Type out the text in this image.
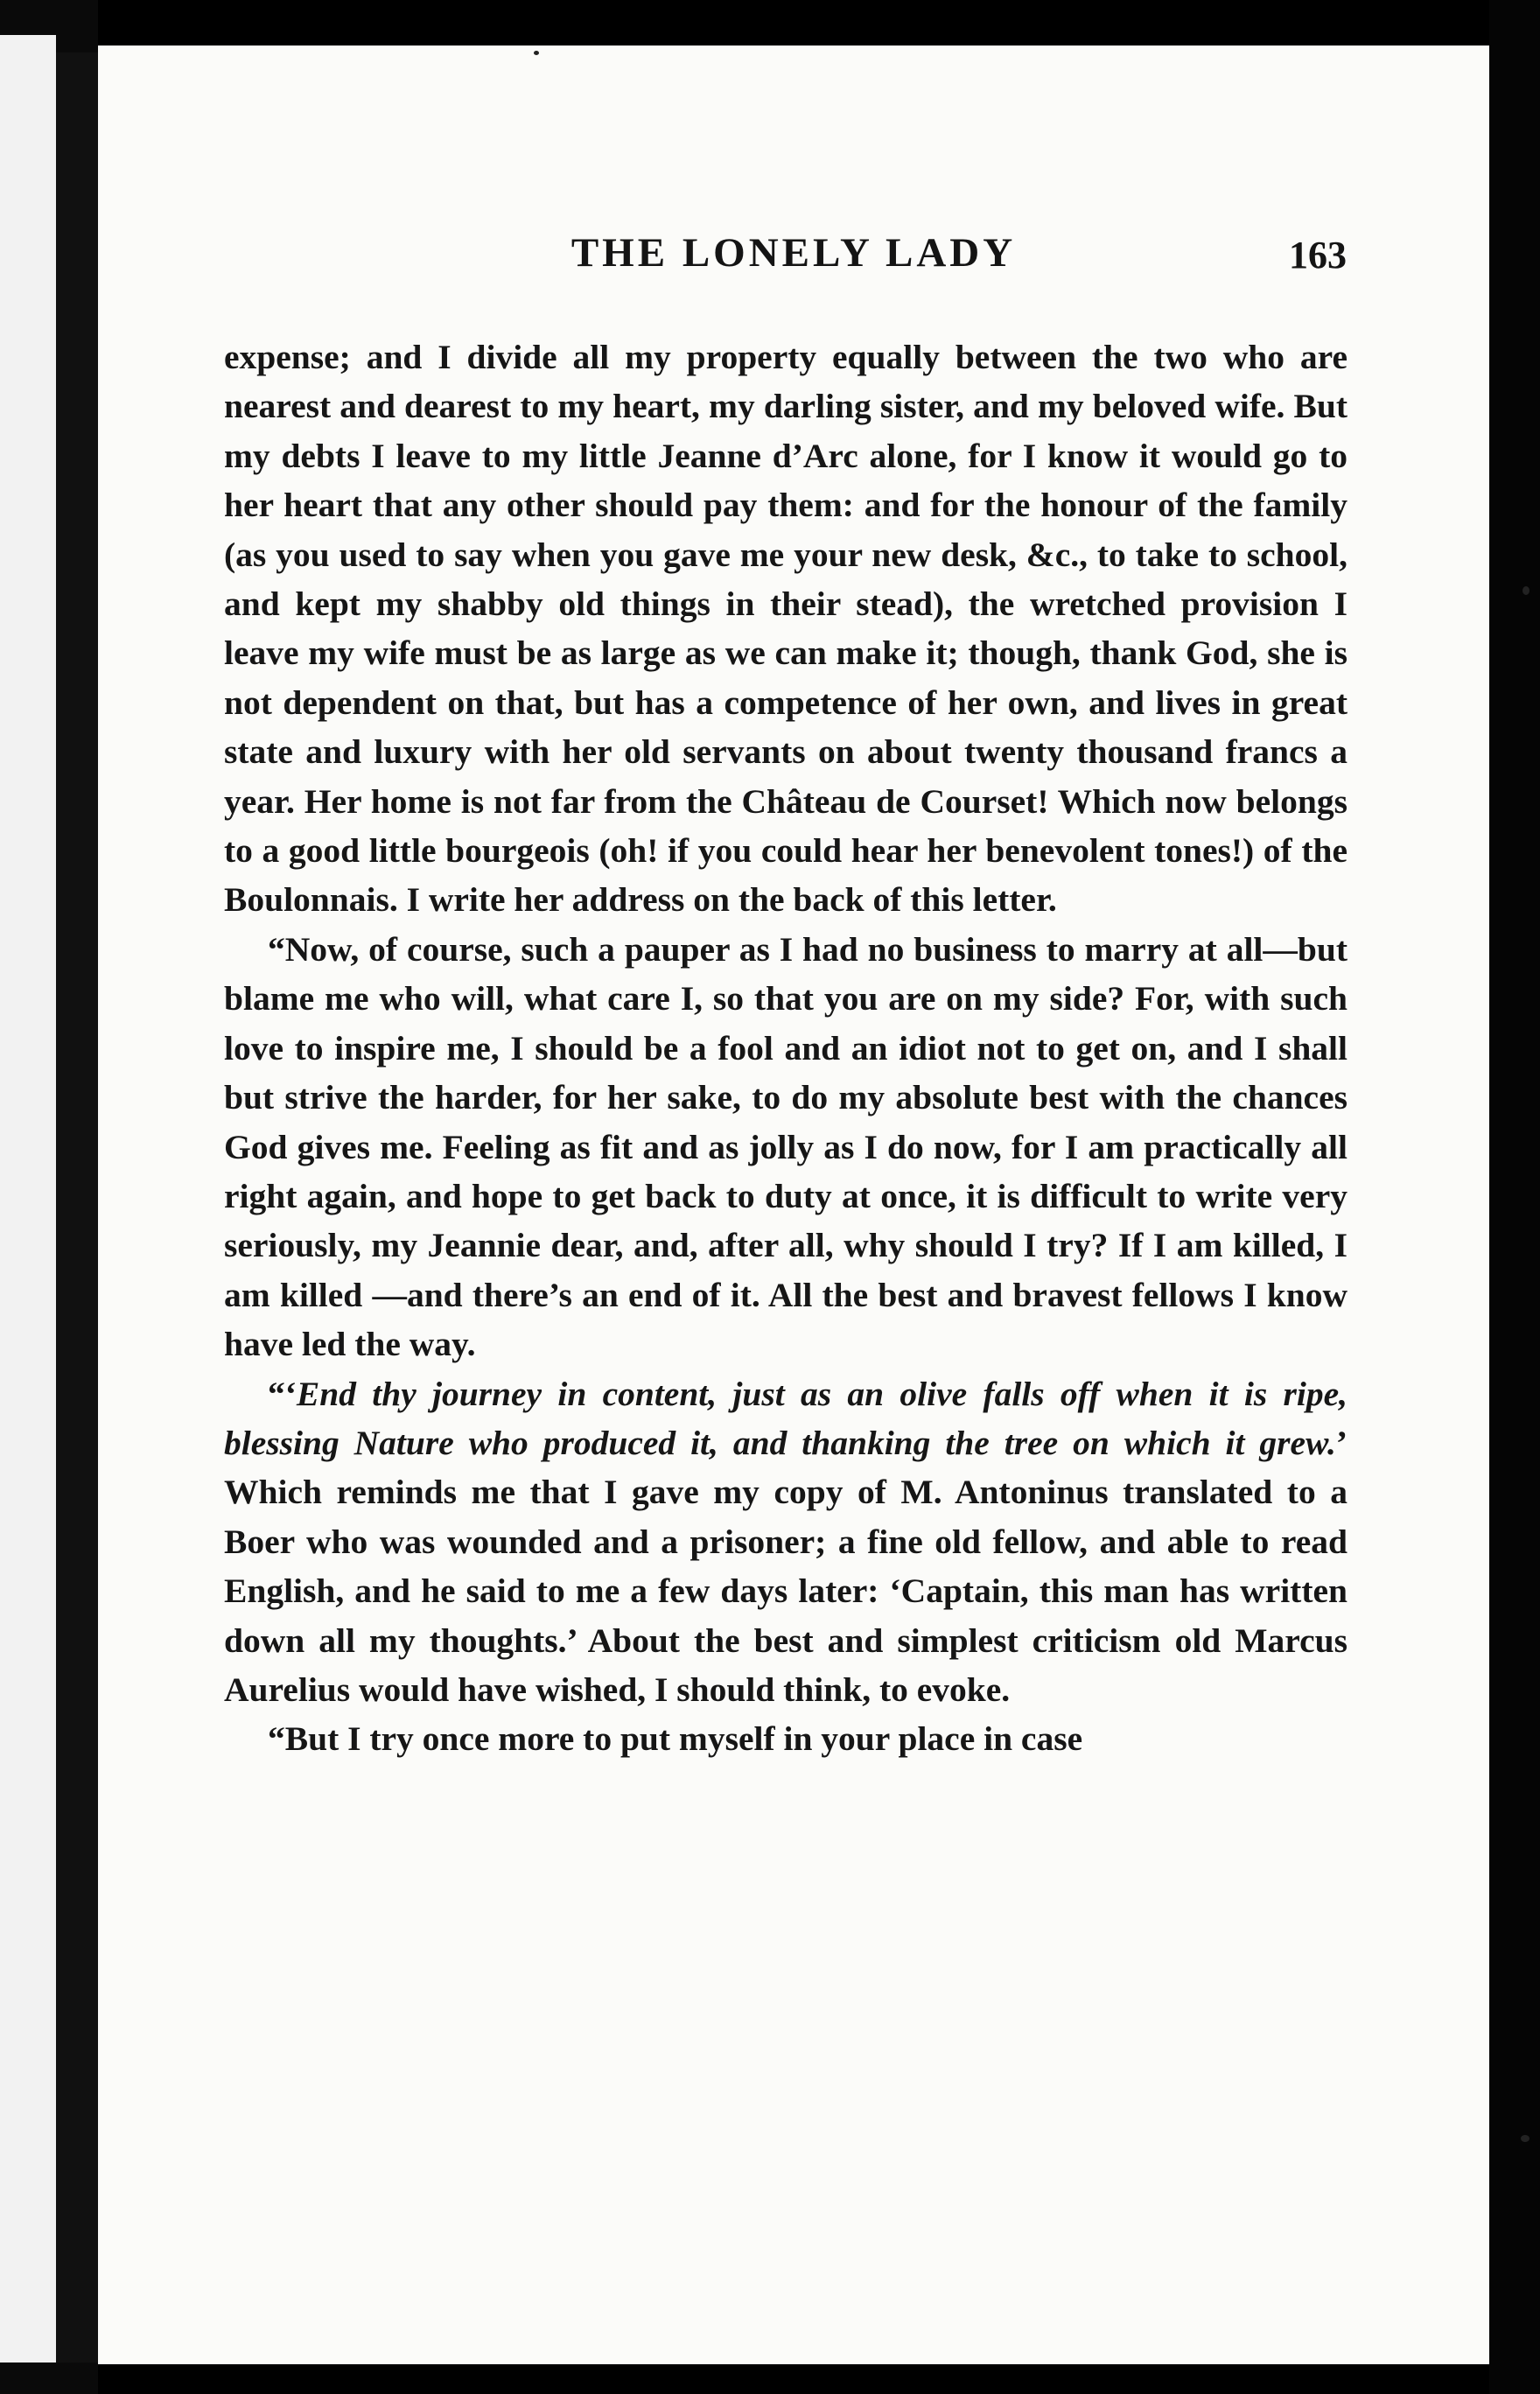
THE LONELY LADY	163

expense; and I divide all my property equally between the two who are nearest and dearest to my heart, my darling sister, and my beloved wife. But my debts I leave to my little Jeanne d’Arc alone, for I know it would go to her heart that any other should pay them: and for the honour of the family (as you used to say when you gave me your new desk, &c., to take to school, and kept my shabby old things in their stead), the wretched provision I leave my wife must be as large as we can make it; though, thank God, she is not dependent on that, but has a competence of her own, and lives in great state and luxury with her old servants on about twenty thousand francs a year. Her home is not far from the Château de Courset! Which now belongs to a good little bourgeois (oh! if you could hear her benevolent tones!) of the Boulonnais. I write her address on the back of this letter.

“Now, of course, such a pauper as I had no business to marry at all—but blame me who will, what care I, so that you are on my side? For, with such love to inspire me, I should be a fool and an idiot not to get on, and I shall but strive the harder, for her sake, to do my absolute best with the chances God gives me. Feeling as fit and as jolly as I do now, for I am practically all right again, and hope to get back to duty at once, it is difficult to write very seriously, my Jeannie dear, and, after all, why should I try? If I am killed, I am killed —and there’s an end of it. All the best and bravest fellows I know have led the way.

“‘End thy journey in content, just as an olive falls off when it is ripe, blessing Nature who produced it, and thanking the tree on which it grew.’ Which reminds me that I gave my copy of M. Antoninus translated to a Boer who was wounded and a prisoner; a fine old fellow, and able to read English, and he said to me a few days later: ‘Captain, this man has written down all my thoughts.’ About the best and simplest criticism old Marcus Aurelius would have wished, I should think, to evoke.

“But I try once more to put myself in your place in case
